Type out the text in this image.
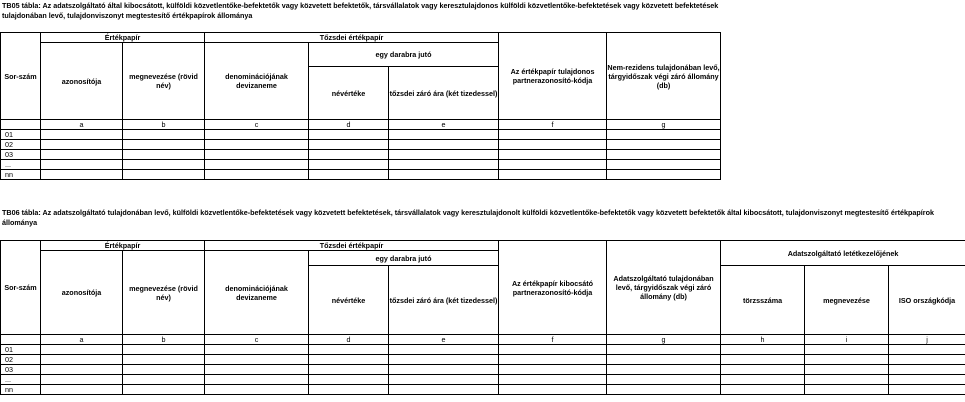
TB05 tábla: Az adatszolgáltató által kibocsátott, külföldi közvetlentőke-befektetők vagy közvetett befektetők, társvállalatok vagy keresztulajdonos külföldi közvetlentőke-befektetések vagy közvetett befektetések tulajdonában levő, tulajdonviszonyt megtestesítő értékpapírok állománya
Sor-szám	Értékpapír		Tőzsdei értékpapír			Az értékpapír tulajdonos partnerazonosító-kódja	Nem-rezidens tulajdonában levő, tárgyidőszak végi záró állomány (db)
	azonosítója	megnevezése (rövid név)	denominációjának devizaneme	egy darabra jutó			
				névértéke	tőzsdei záró ára (két tizedessel)		
	a	b	c	d	e	f	g
01							
02							
03							
...							
nn							
TB06 tábla: Az adatszolgáltató tulajdonában levő, külföldi közvetlentőke-befektetések vagy közvetett befektetések, társvállalatok vagy keresztulajdonolt külföldi közvetlentőke-befektetők vagy közvetett befektetők által kibocsátott, tulajdonviszonyt megtestesítő értékpapírok állománya
Sor-szám	Értékpapír		Tőzsdei értékpapír			Az értékpapír kibocsátó partnerazonosító-kódja	Adatszolgáltató tulajdonában levő, tárgyidőszak végi záró állomány (db)	Adatszolgáltató letétkezelőjének		
	azonosítója	megnevezése (rövid név)	denominációjának devizaneme	egy darabra jutó						
				névértéke	tőzsdei záró ára (két tizedessel)			törzsszáma	megnevezése	ISO országkódja
	a	b	c	d	e	f	g	h	i	j
01										
02										
03										
...										
nn										
